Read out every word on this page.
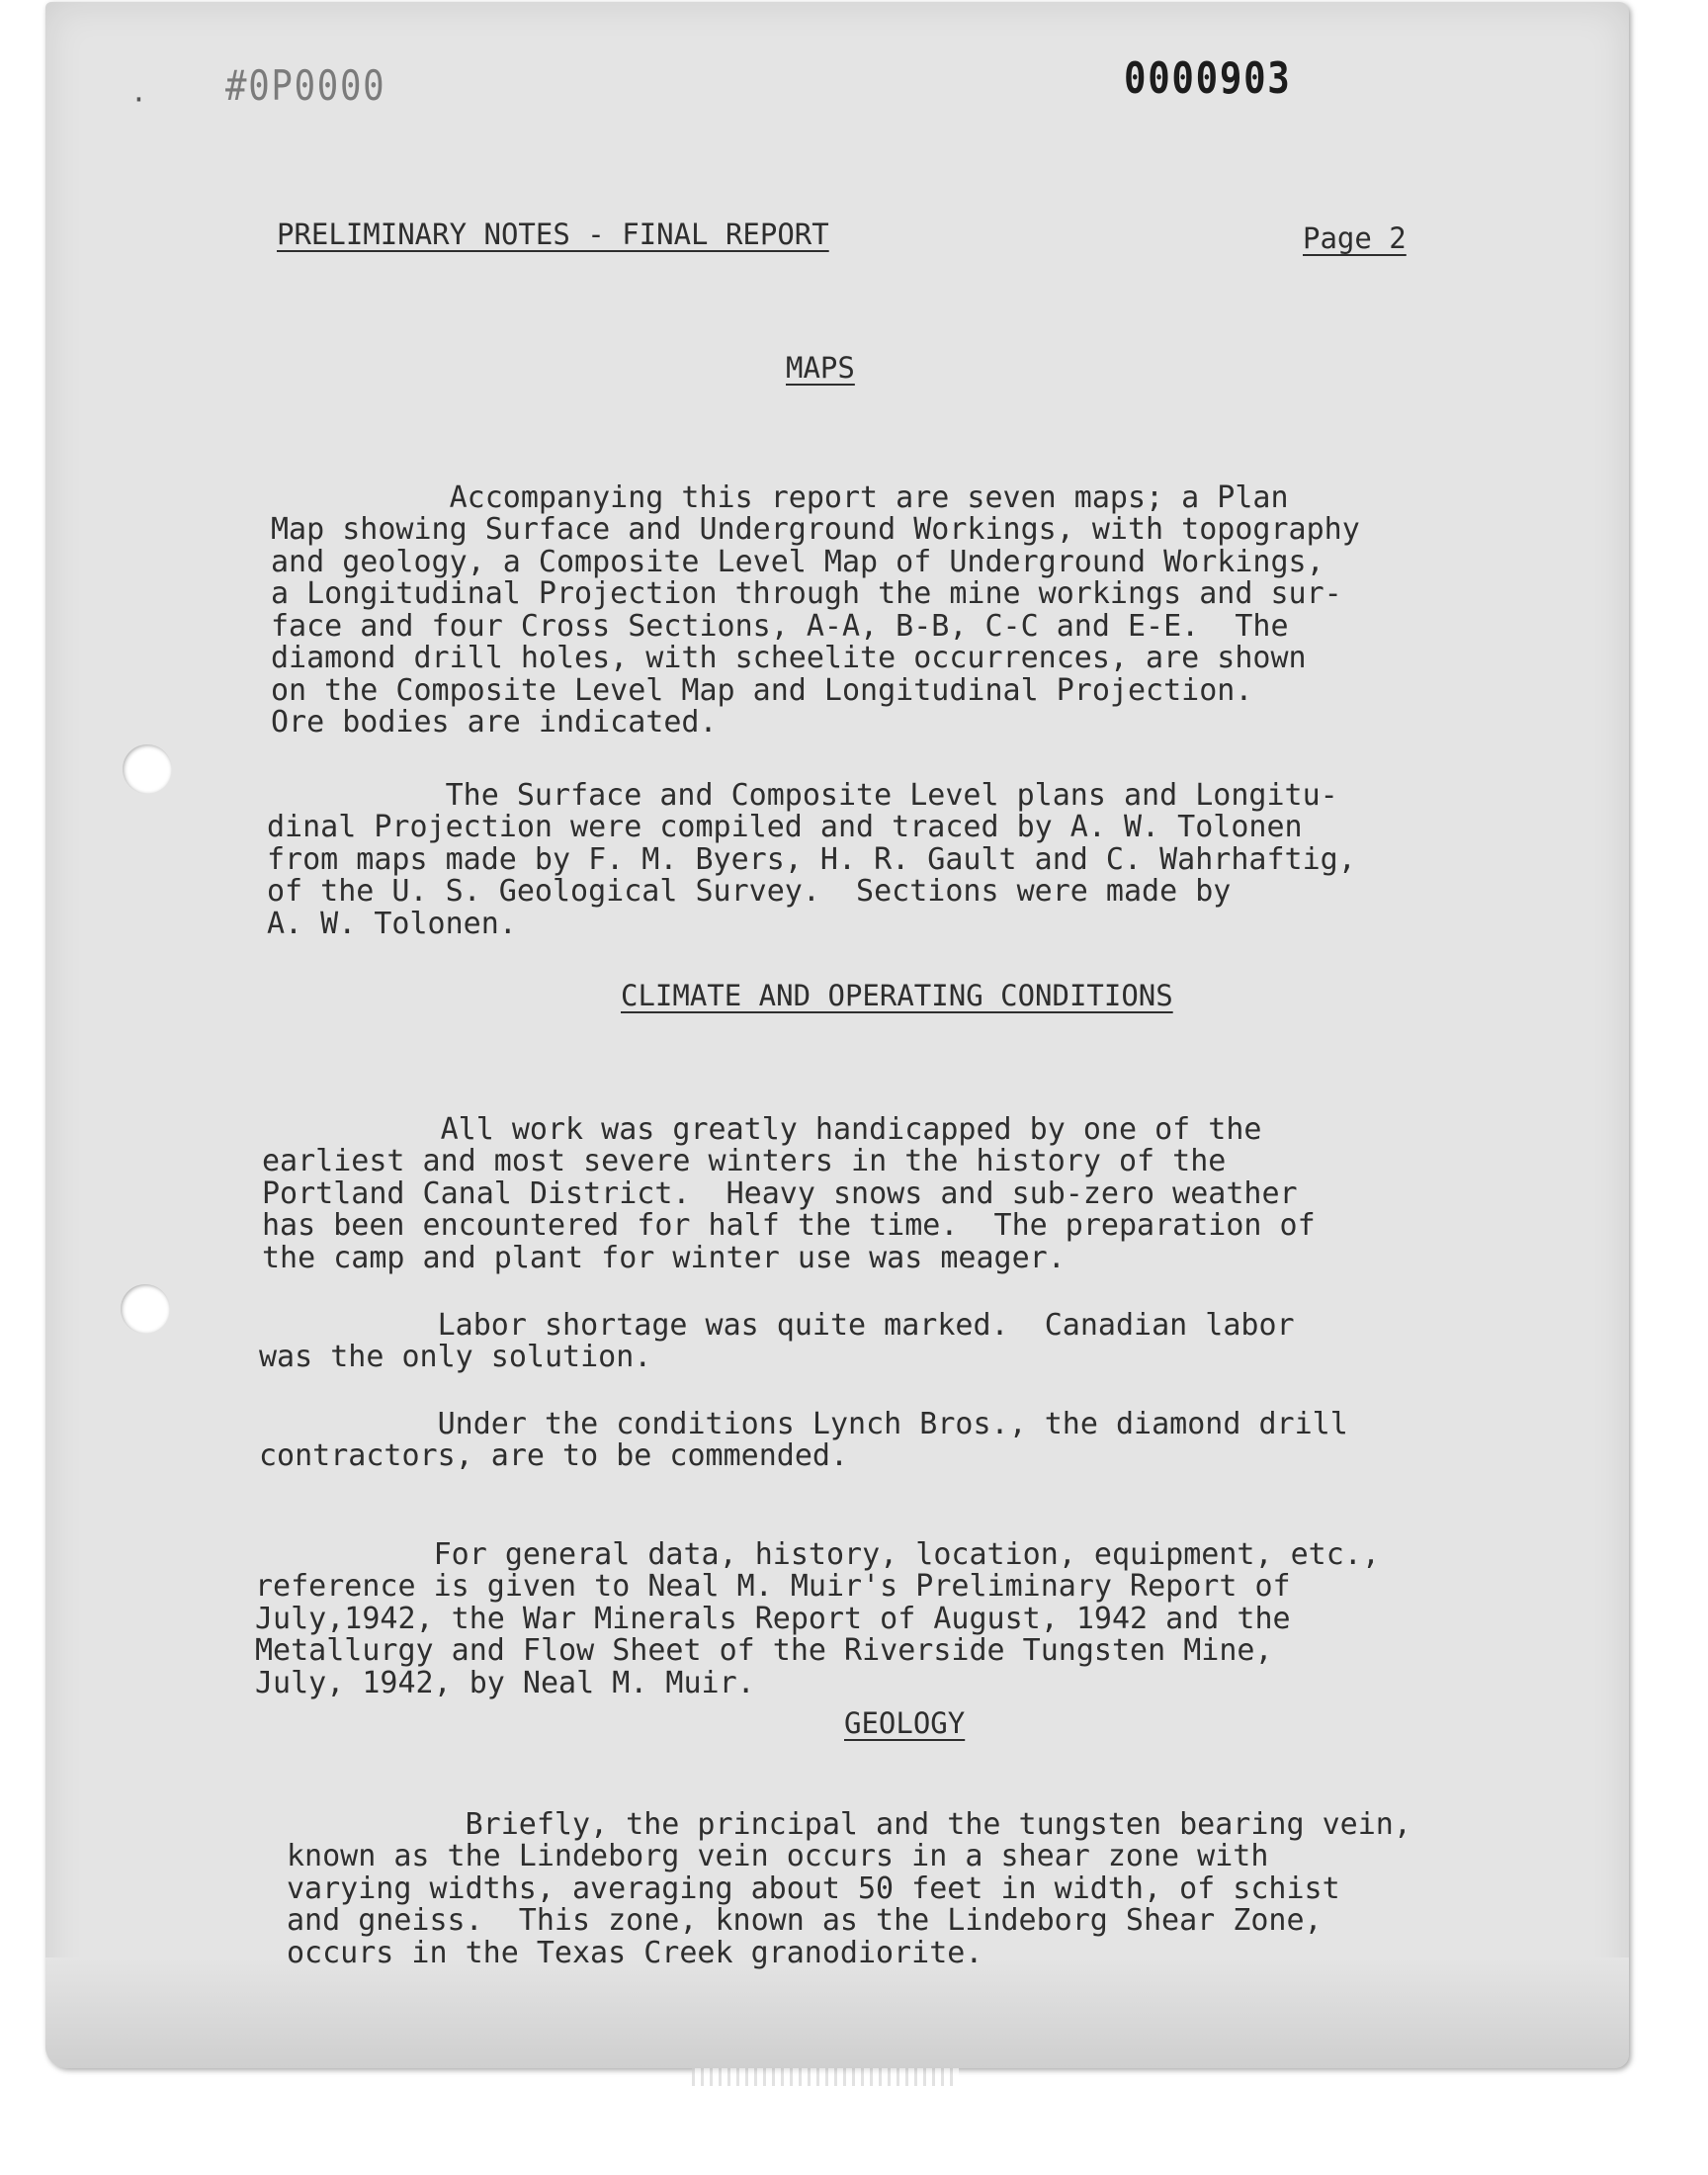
· #0P0000	0000903
PRELIMINARY NOTES - FINAL REPORT	Page 2
MAPS

Accompanying this report are seven maps; a Plan
Map showing Surface and Underground Workings, with topography
and geology, a Composite Level Map of Underground Workings,
a Longitudinal Projection through the mine workings and sur-
face and four Cross Sections, A-A, B-B, C-C and E-E.  The
diamond drill holes, with scheelite occurrences, are shown
on the Composite Level Map and Longitudinal Projection.
Ore bodies are indicated.

The Surface and Composite Level plans and Longitu-
dinal Projection were compiled and traced by A. W. Tolonen
from maps made by F. M. Byers, H. R. Gault and C. Wahrhaftig,
of the U. S. Geological Survey.  Sections were made by
A. W. Tolonen.

CLIMATE AND OPERATING CONDITIONS

All work was greatly handicapped by one of the
earliest and most severe winters in the history of the
Portland Canal District.  Heavy snows and sub-zero weather
has been encountered for half the time.  The preparation of
the camp and plant for winter use was meager.

Labor shortage was quite marked.  Canadian labor
was the only solution.

Under the conditions Lynch Bros., the diamond drill
contractors, are to be commended.

For general data, history, location, equipment, etc.,
reference is given to Neal M. Muir's Preliminary Report of
July,1942, the War Minerals Report of August, 1942 and the
Metallurgy and Flow Sheet of the Riverside Tungsten Mine,
July, 1942, by Neal M. Muir.

GEOLOGY

Briefly, the principal and the tungsten bearing vein,
known as the Lindeborg vein occurs in a shear zone with
varying widths, averaging about 50 feet in width, of schist
and gneiss.  This zone, known as the Lindeborg Shear Zone,
occurs in the Texas Creek granodiorite.
